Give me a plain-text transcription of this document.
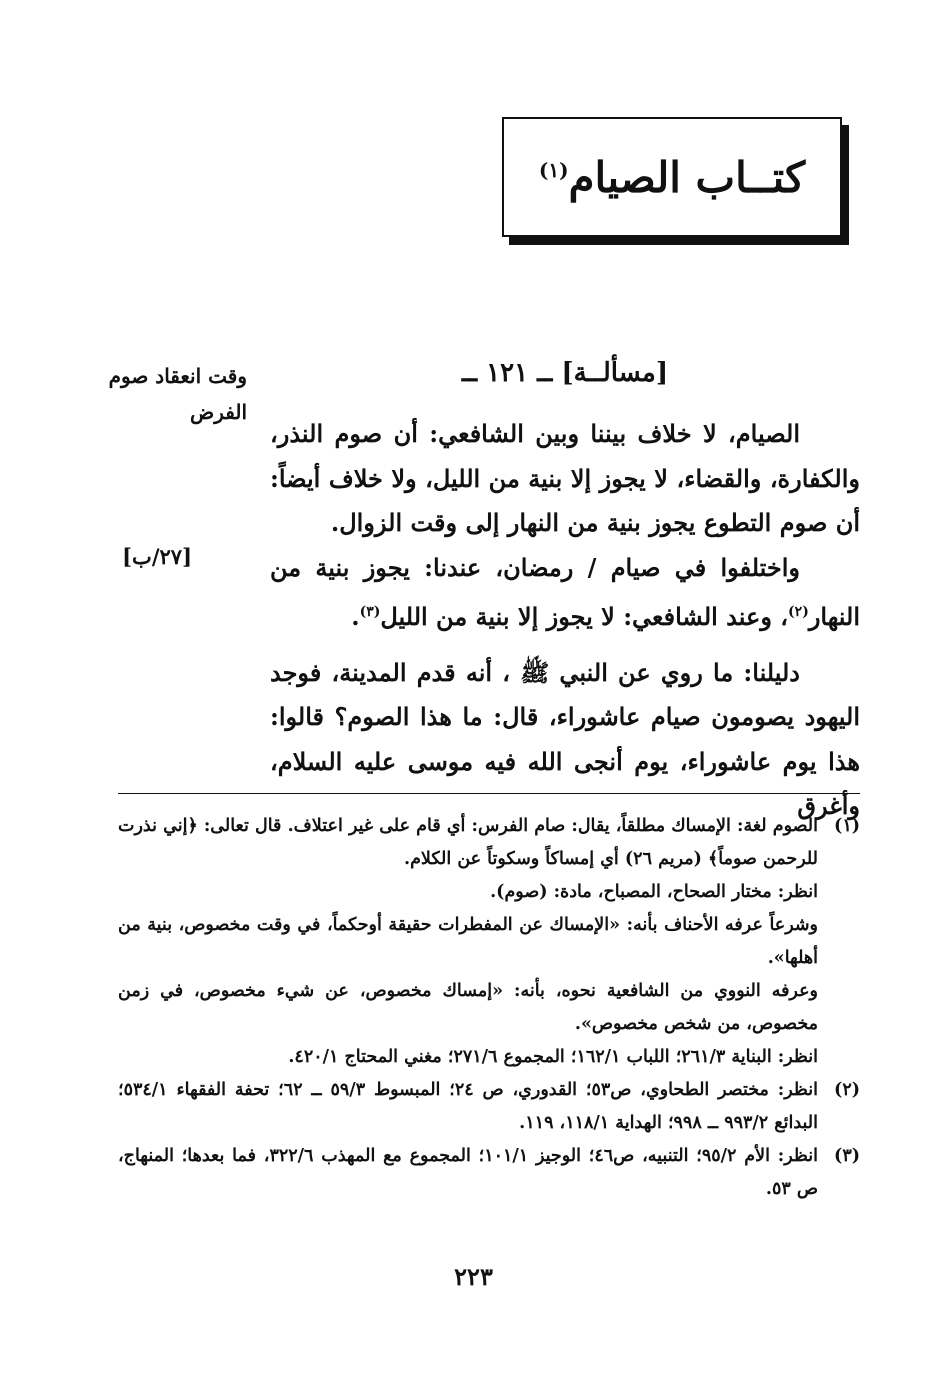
كتــاب الصيام$^{(١)}$
وقت انعقاد صوم الفرض
[٢٧/ب]
[مسألــة] ــ ١٢١ ــ

الصيام، لا خلاف بيننا وبين الشافعي: أن صوم النذر، والكفارة، والقضاء، لا يجوز إلا بنية من الليل، ولا خلاف أيضاً: أن صوم التطوع يجوز بنية من النهار إلى وقت الزوال.

واختلفوا في صيام / رمضان، عندنا: يجوز بنية من النهار$^{(٢)}$، وعند الشافعي: لا يجوز إلا بنية من الليل$^{(٣)}$.

دليلنا: ما روي عن النبي ﷺ ، أنه قدم المدينة، فوجد اليهود يصومون صيام عاشوراء، قال: ما هذا الصوم؟ قالوا: هذا يوم عاشوراء، يوم أنجى الله فيه موسى عليه السلام، وأغرق

(١)

الصوم لغة: الإمساك مطلقاً، يقال: صام الفرس: أي قام على غير اعتلاف. قال تعالى: ﴿إني نذرت للرحمن صوماً﴾ (مريم ٢٦) أي إمساكاً وسكوتاً عن الكلام.

انظر: مختار الصحاح، المصباح، مادة: (صوم).

وشرعاً عرفه الأحناف بأنه: «الإمساك عن المفطرات حقيقة أوحكماً، في وقت مخصوص، بنية من أهلها».

وعرفه النووي من الشافعية نحوه، بأنه: «إمساك مخصوص، عن شيء مخصوص، في زمن مخصوص، من شخص مخصوص».

انظر: البناية ٢٦١/٣؛ اللباب ١٦٢/١؛ المجموع ٢٧١/٦؛ مغني المحتاج ٤٢٠/١.

(٢)

انظر: مختصر الطحاوي، ص٥٣؛ القدوري، ص ٢٤؛ المبسوط ٥٩/٣ ــ ٦٢؛ تحفة الفقهاء ٥٣٤/١؛ البدائع ٩٩٣/٢ ــ ٩٩٨؛ الهداية ١١٨/١، ١١٩.

(٣)

انظر: الأم ٩٥/٢؛ التنبيه، ص٤٦؛ الوجيز ١٠١/١؛ المجموع مع المهذب ٣٢٢/٦، فما بعدها؛ المنهاج، ص ٥٣.

٢٢٣
